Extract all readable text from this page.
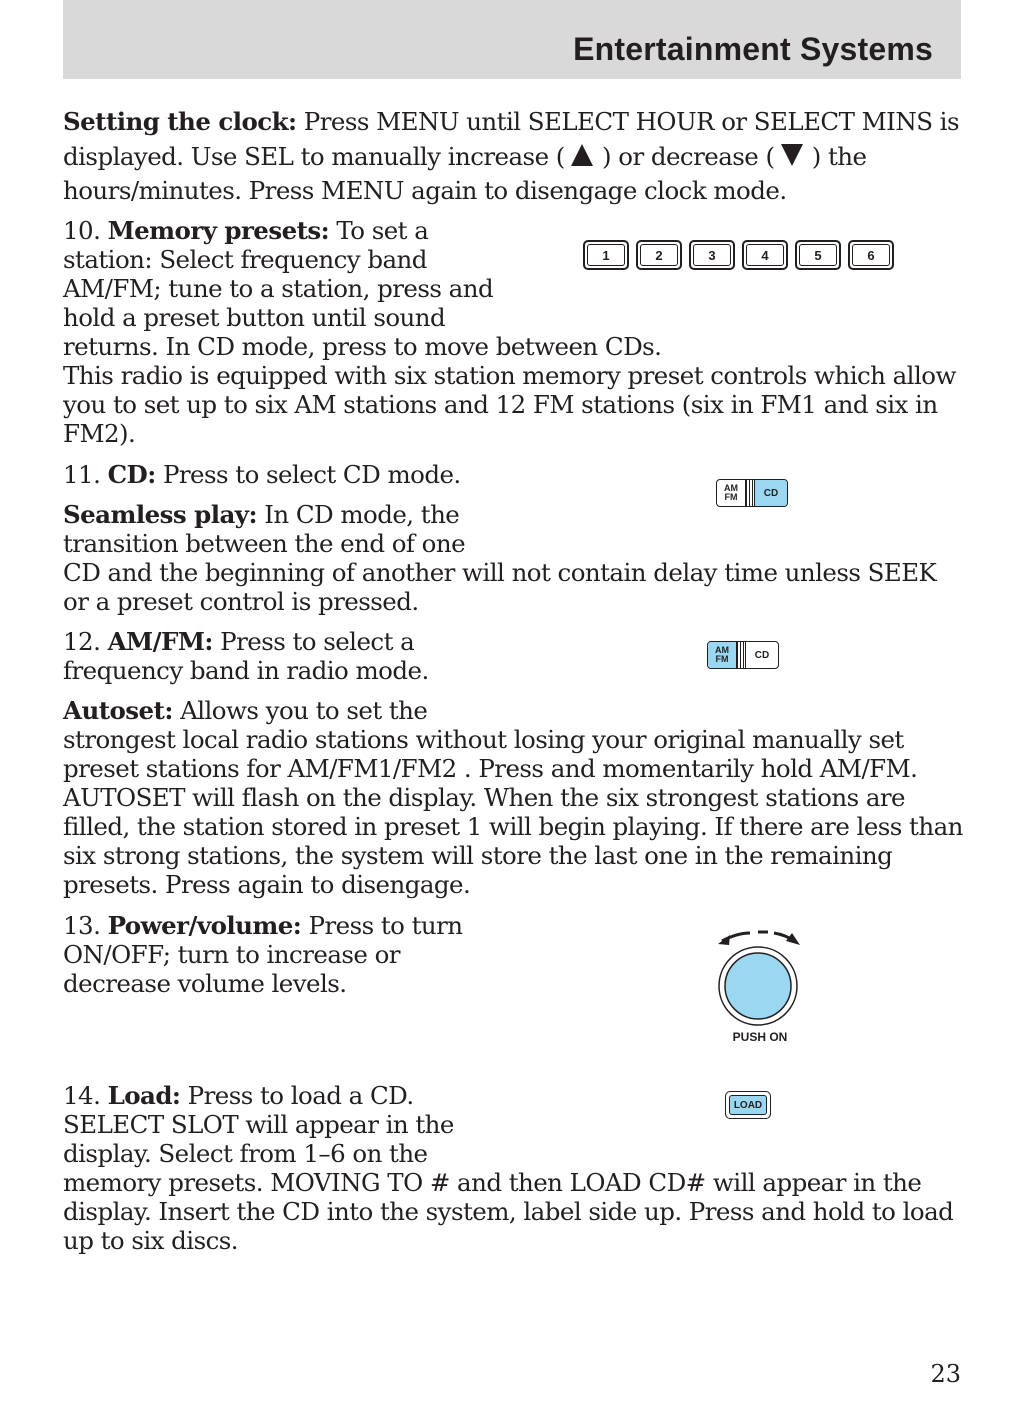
Entertainment Systems

Setting the clock: Press MENU until SELECT HOUR or SELECT MINS is displayed. Use SEL to manually increase ( ) or decrease ( ) the hours/minutes. Press MENU again to disengage clock mode.

10. Memory presets: To set a station: Select frequency band AM/FM; tune to a station, press and hold a preset button until sound returns. In CD mode, press to move between CDs.

This radio is equipped with six station memory preset controls which allow you to set up to six AM stations and 12 FM stations (six in FM1 and six in FM2).

1	2	3	4	5	6

11. CD: Press to select CD mode.

Seamless play: In CD mode, the transition between the end of one CD and the beginning of another will not contain delay time unless SEEK or a preset control is pressed.

AM
FM	CD

12. AM/FM: Press to select a frequency band in radio mode.

Autoset: Allows you to set the strongest local radio stations without losing your original manually set preset stations for AM/FM1/FM2 . Press and momentarily hold AM/FM. AUTOSET will flash on the display. When the six strongest stations are filled, the station stored in preset 1 will begin playing. If there are less than six strong stations, the system will store the last one in the remaining presets. Press again to disengage.

AM
FM	CD

13. Power/volume: Press to turn ON/OFF; turn to increase or decrease volume levels.

PUSH ON

14. Load: Press to load a CD. SELECT SLOT will appear in the display. Select from 1–6 on the memory presets. MOVING TO # and then LOAD CD# will appear in the display. Insert the CD into the system, label side up. Press and hold to load up to six discs.

LOAD
23
